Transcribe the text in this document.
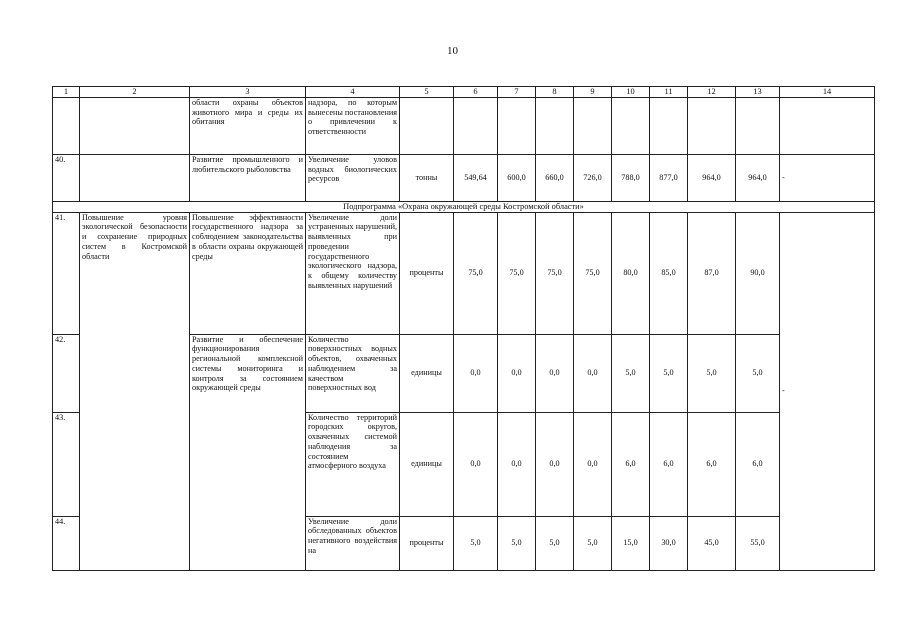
10
1	2	3	4	5	6	7	8	9	10	11	12	13	14
		области охраны объектов животного мира и среды их обитания	надзора, по которым вынесены постановления о привлечении к ответственности										
40.		Развитие промышленного и любительского рыболовства	Увеличение уловов водных биологических ресурсов	тонны	549,64	600,0	660,0	726,0	788,0	877,0	964,0	964,0	-
Подпрограмма «Охрана окружающей среды Костромской области»													
41.	Повышение уровня экологической безопасности и сохранение природных систем в Костромской области	Повышение эффективности государственного надзора за соблюдением законодательства в области охраны окружающей среды	Увеличение доли устраненных нарушений, выявленных при проведении государственного экологического надзора, к общему количеству выявленных нарушений	проценты	75,0	75,0	75,0	75,0	80,0	85,0	87,0	90,0	-
42.		Развитие и обеспечение функционирования региональной комплексной системы мониторинга и контроля за состоянием окружающей среды	Количество поверхностных водных объектов, охваченных наблюдением за качеством поверхностных вод	единицы	0,0	0,0	0,0	0,0	5,0	5,0	5,0	5,0	
43.			Количество территорий городских округов, охваченных системой наблюдения за состоянием атмосферного воздуха	единицы	0,0	0,0	0,0	0,0	6,0	6,0	6,0	6,0	
44.			Увеличение доли обследованных объектов негативного воздействия на	проценты	5,0	5,0	5,0	5,0	15,0	30,0	45,0	55,0	
